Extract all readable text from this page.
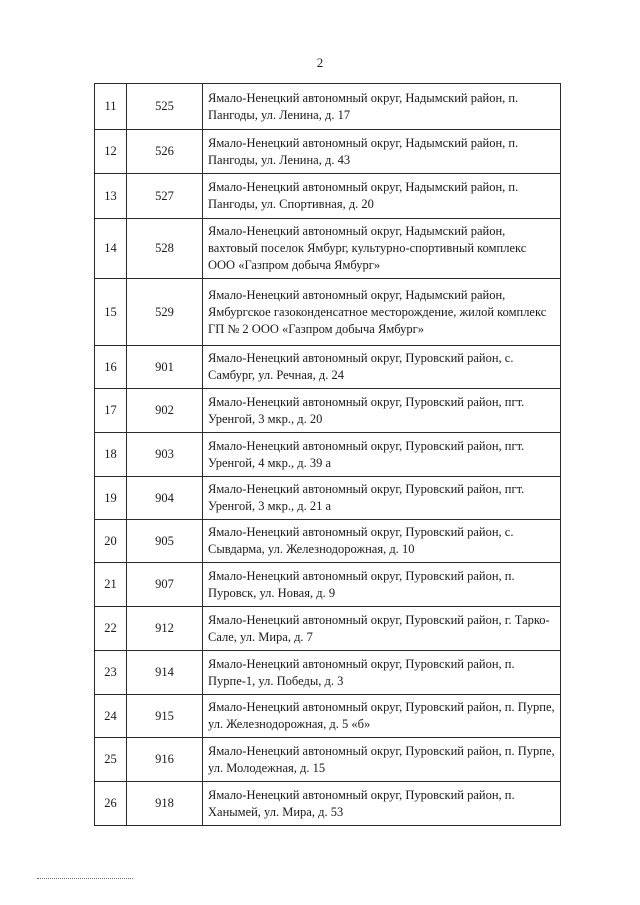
2
11	525	Ямало-Ненецкий автономный округ, Надымский район, п. Пангоды, ул. Ленина, д. 17
12	526	Ямало-Ненецкий автономный округ, Надымский район, п. Пангоды, ул. Ленина, д. 43
13	527	Ямало-Ненецкий автономный округ, Надымский район, п. Пангоды, ул. Спортивная, д. 20
14	528	Ямало-Ненецкий автономный округ, Надымский район, вахтовый поселок Ямбург, культурно-спортивный комплекс ООО «Газпром добыча Ямбург»
15	529	Ямало-Ненецкий автономный округ, Надымский район, Ямбургское газоконденсатное месторождение, жилой комплекс ГП № 2 ООО «Газпром добыча Ямбург»
16	901	Ямало-Ненецкий автономный округ, Пуровский район, с. Самбург, ул. Речная, д. 24
17	902	Ямало-Ненецкий автономный округ, Пуровский район, пгт. Уренгой, 3 мкр., д. 20
18	903	Ямало-Ненецкий автономный округ, Пуровский район, пгт. Уренгой, 4 мкр., д. 39 а
19	904	Ямало-Ненецкий автономный округ, Пуровский район, пгт. Уренгой, 3 мкр., д. 21 а
20	905	Ямало-Ненецкий автономный округ, Пуровский район, с. Сывдарма, ул. Железнодорожная, д. 10
21	907	Ямало-Ненецкий автономный округ, Пуровский район, п. Пуровск, ул. Новая, д. 9
22	912	Ямало-Ненецкий автономный округ, Пуровский район, г. Тарко-Сале, ул. Мира, д. 7
23	914	Ямало-Ненецкий автономный округ, Пуровский район, п. Пурпе-1, ул. Победы, д. 3
24	915	Ямало-Ненецкий автономный округ, Пуровский район, п. Пурпе, ул. Железнодорожная, д. 5 «б»
25	916	Ямало-Ненецкий автономный округ, Пуровский район, п. Пурпе, ул. Молодежная, д. 15
26	918	Ямало-Ненецкий автономный округ, Пуровский район, п. Ханымей, ул. Мира, д. 53
